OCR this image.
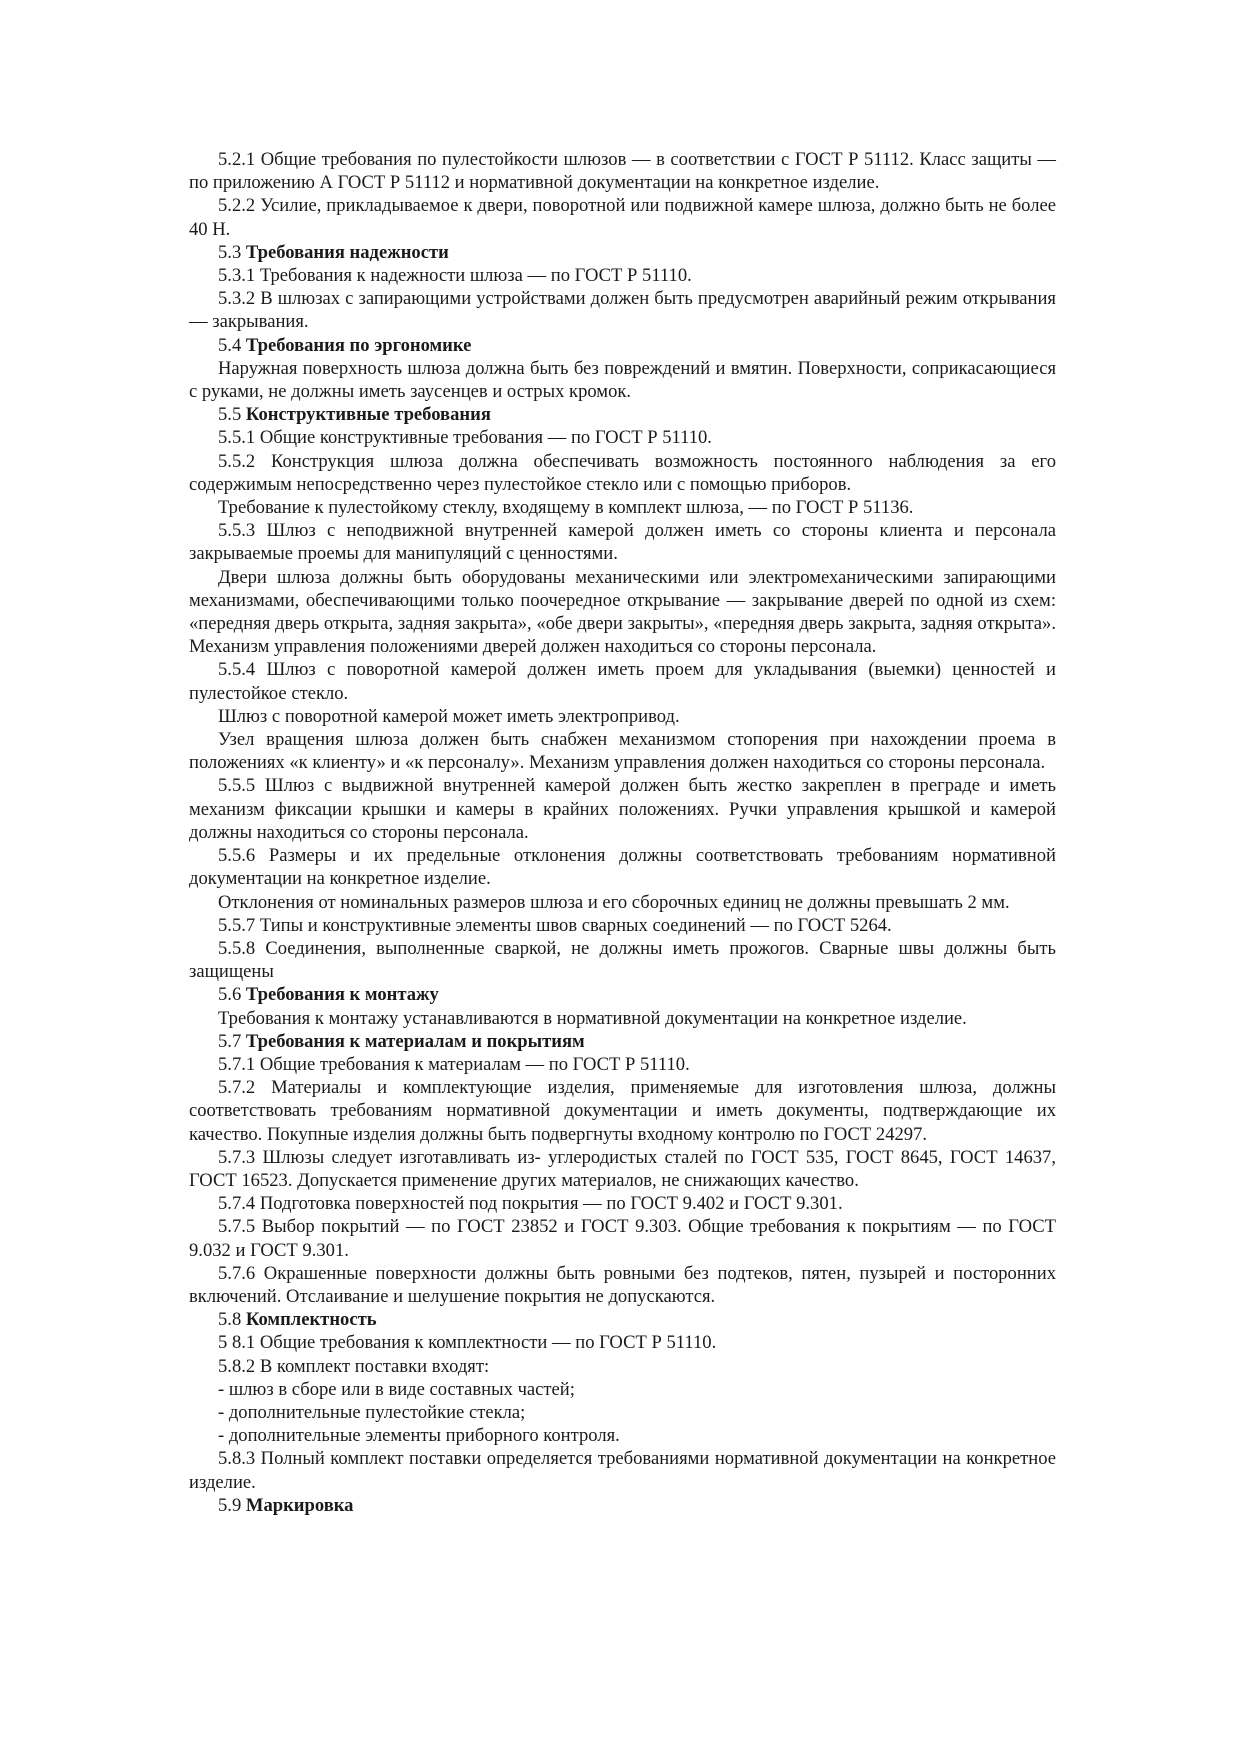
5.2.1 Общие требования по пулестойкости шлюзов — в соответствии с ГОСТ Р 51112. Класс защиты — по приложению А ГОСТ Р 51112 и нормативной документации на конкретное изделие.

5.2.2 Усилие, прикладываемое к двери, поворотной или подвижной камере шлюза, должно быть не более 40 Н.

5.3 Требования надежности

5.3.1 Требования к надежности шлюза — по ГОСТ Р 51110.

5.3.2 В шлюзах с запирающими устройствами должен быть предусмотрен аварийный режим открывания — закрывания.

5.4 Требования по эргономике

Наружная поверхность шлюза должна быть без повреждений и вмятин. Поверхности, соприкасающиеся с руками, не должны иметь заусенцев и острых кромок.

5.5 Конструктивные требования

5.5.1 Общие конструктивные требования — по ГОСТ Р 51110.

5.5.2 Конструкция шлюза должна обеспечивать возможность постоянного наблюдения за его содержимым непосредственно через пулестойкое стекло или с помощью приборов.

Требование к пулестойкому стеклу, входящему в комплект шлюза, — по ГОСТ Р 51136.

5.5.3 Шлюз с неподвижной внутренней камерой должен иметь со стороны клиента и персонала закрываемые проемы для манипуляций с ценностями.

Двери шлюза должны быть оборудованы механическими или электромеханическими запирающими механизмами, обеспечивающими только поочередное открывание — закрывание дверей по одной из схем: «передняя дверь открыта, задняя закрыта», «обе двери закрыты», «передняя дверь закрыта, задняя открыта». Механизм управления положениями дверей должен находиться со стороны персонала.

5.5.4 Шлюз с поворотной камерой должен иметь проем для укладывания (выемки) ценностей и пулестойкое стекло.

Шлюз с поворотной камерой может иметь электропривод.

Узел вращения шлюза должен быть снабжен механизмом стопорения при нахождении проема в положениях «к клиенту» и «к персоналу». Механизм управления должен находиться со стороны персонала.

5.5.5 Шлюз с выдвижной внутренней камерой должен быть жестко закреплен в преграде и иметь механизм фиксации крышки и камеры в крайних положениях. Ручки управления крышкой и камерой должны находиться со стороны персонала.

5.5.6 Размеры и их предельные отклонения должны соответствовать требованиям нормативной документации на конкретное изделие.

Отклонения от номинальных размеров шлюза и его сборочных единиц не должны превышать 2 мм.

5.5.7 Типы и конструктивные элементы швов сварных соединений — по ГОСТ 5264.

5.5.8 Соединения, выполненные сваркой, не должны иметь прожогов. Сварные швы должны быть защищены

5.6 Требования к монтажу

Требования к монтажу устанавливаются в нормативной документации на конкретное изделие.

5.7 Требования к материалам и покрытиям

5.7.1 Общие требования к материалам — по ГОСТ Р 51110.

5.7.2 Материалы и комплектующие изделия, применяемые для изготовления шлюза, должны соответствовать требованиям нормативной документации и иметь документы, подтверждающие их качество. Покупные изделия должны быть подвергнуты входному контролю по ГОСТ 24297.

5.7.3 Шлюзы следует изготавливать из- углеродистых сталей по ГОСТ 535, ГОСТ 8645, ГОСТ 14637, ГОСТ 16523. Допускается применение других материалов, не снижающих качество.

5.7.4 Подготовка поверхностей под покрытия — по ГОСТ 9.402 и ГОСТ 9.301.

5.7.5 Выбор покрытий — по ГОСТ 23852 и ГОСТ 9.303. Общие требования к покрытиям — по ГОСТ 9.032 и ГОСТ 9.301.

5.7.6 Окрашенные поверхности должны быть ровными без подтеков, пятен, пузырей и посторонних включений. Отслаивание и шелушение покрытия не допускаются.

5.8 Комплектность

5 8.1 Общие требования к комплектности — по ГОСТ Р 51110.

5.8.2 В комплект поставки входят:

- шлюз в сборе или в виде составных частей;

- дополнительные пулестойкие стекла;

- дополнительные элементы приборного контроля.

5.8.3 Полный комплект поставки определяется требованиями нормативной документации на конкретное изделие.

5.9 Маркировка
